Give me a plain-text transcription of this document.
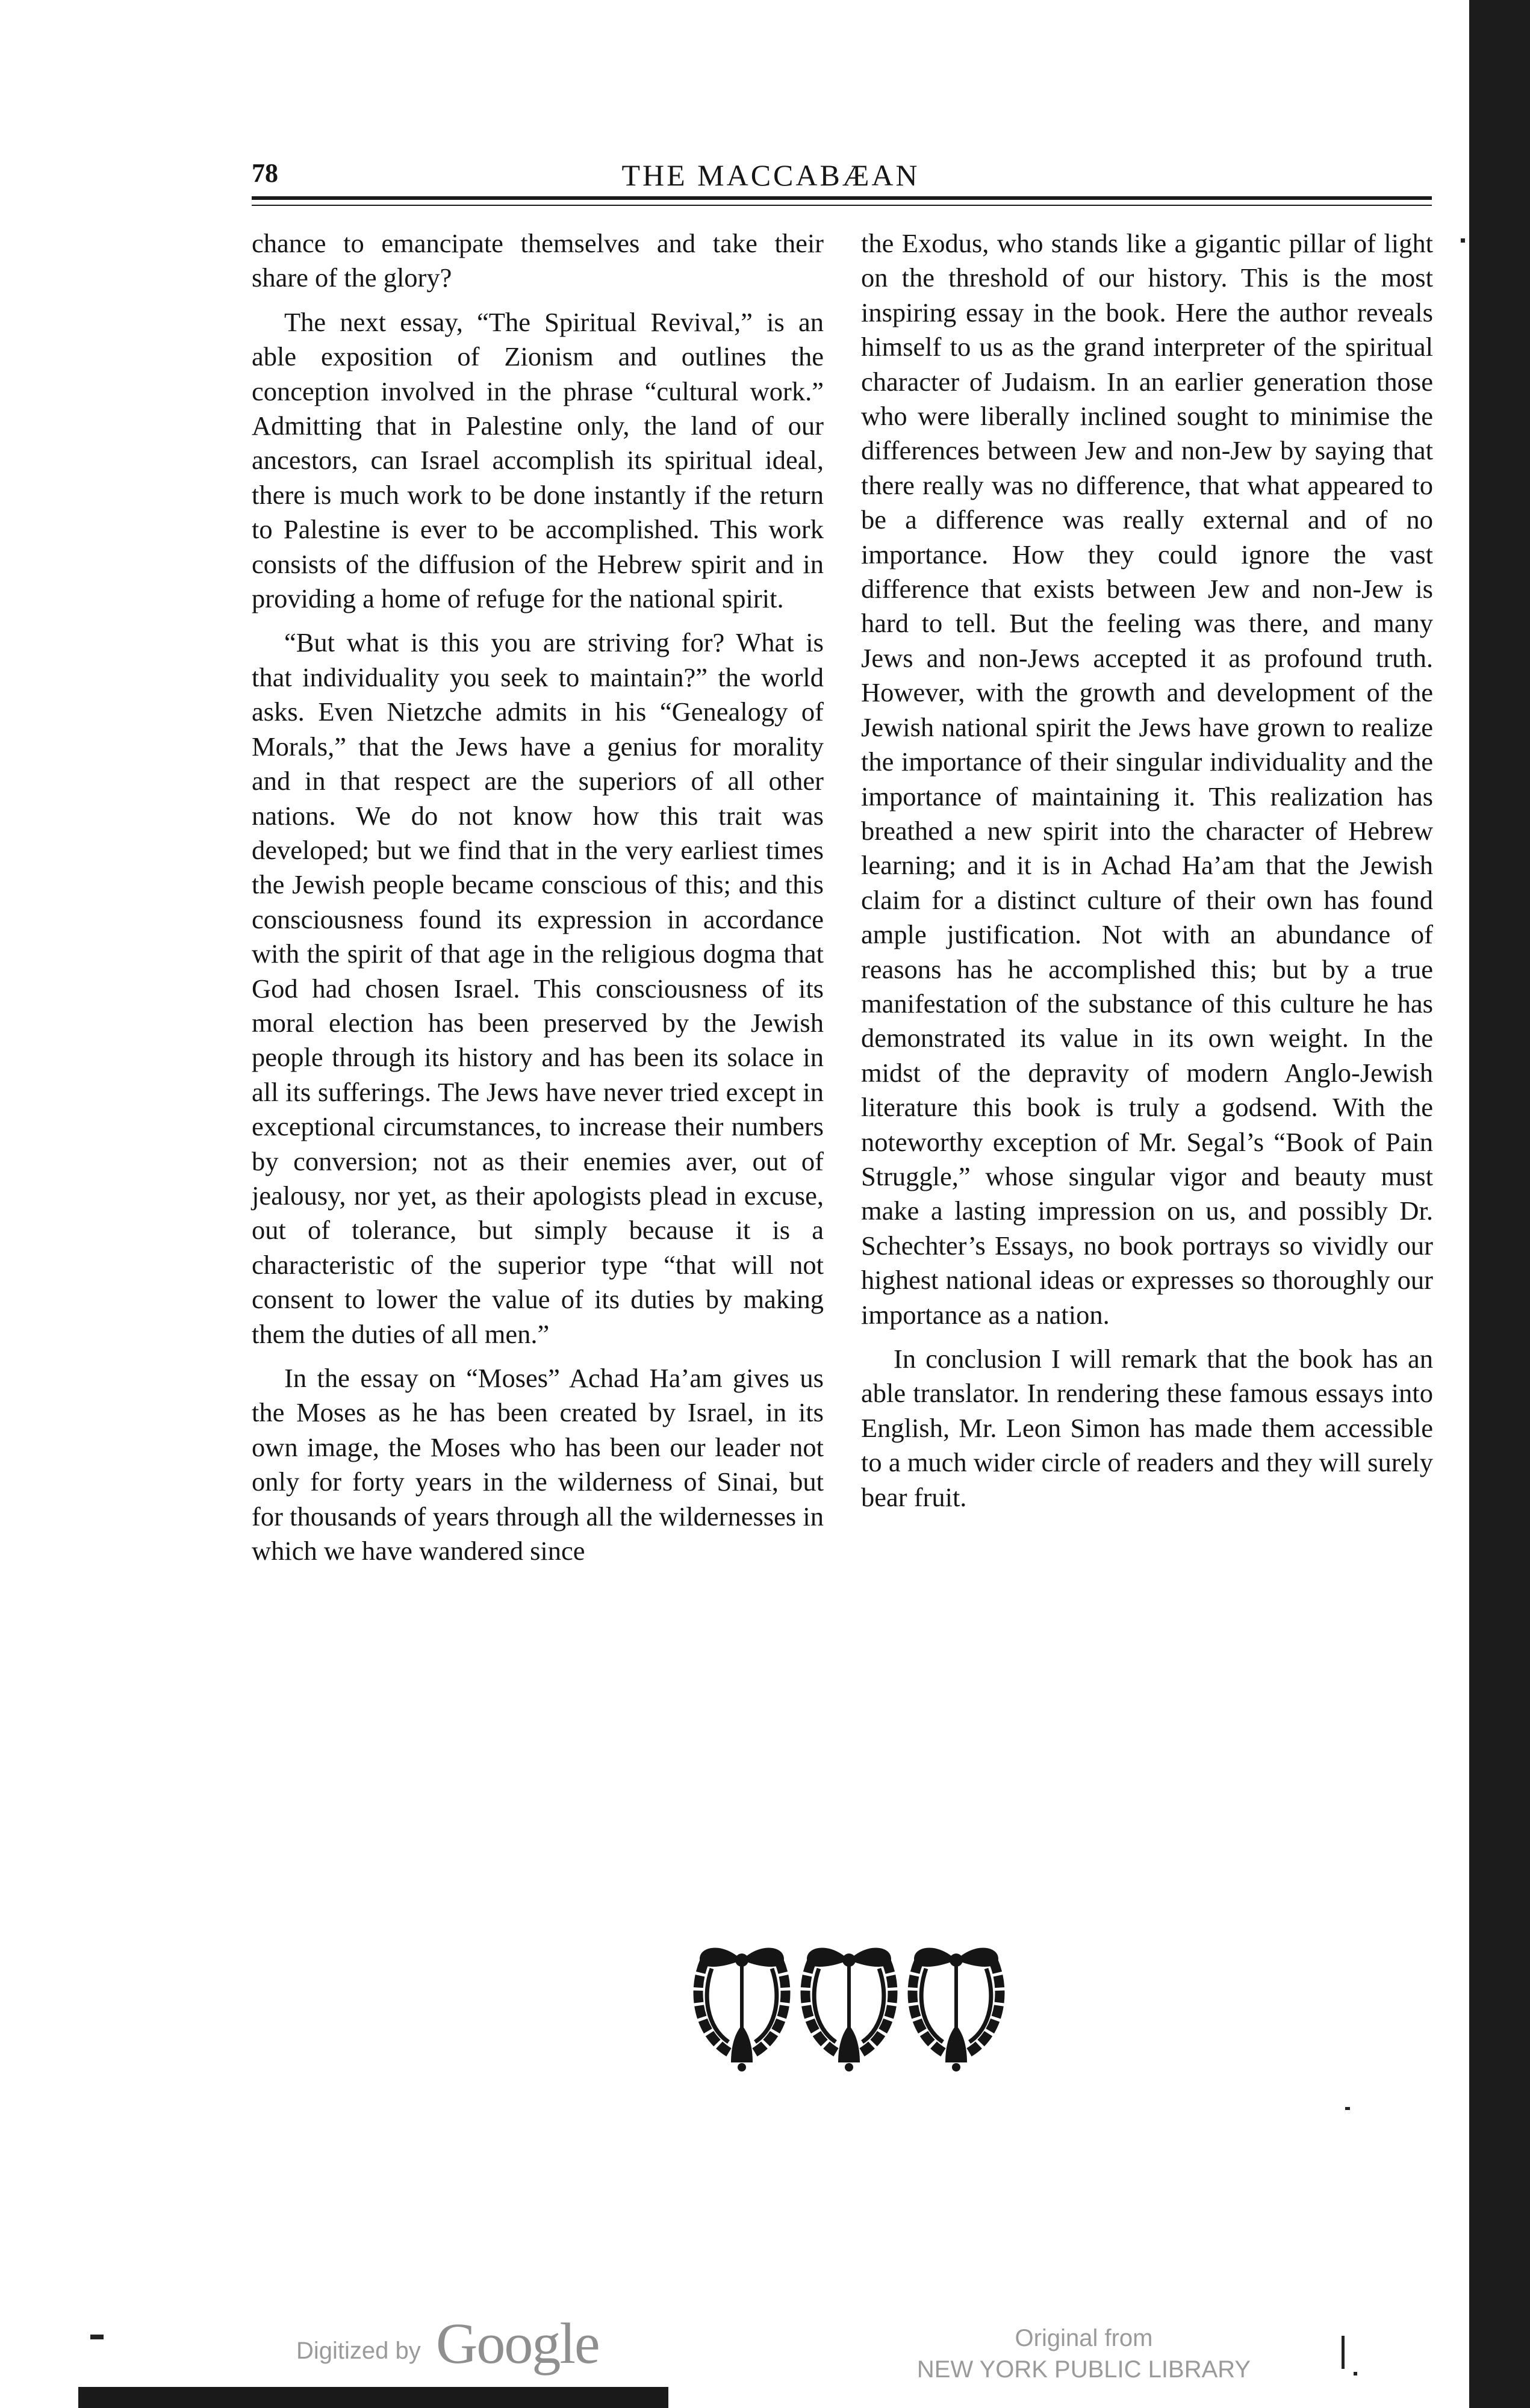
78	THE MACCABÆAN

chance to emancipate themselves and take their share of the glory?

The next essay, “The Spiritual Revival,” is an able exposition of Zionism and outlines the conception involved in the phrase “cultural work.” Admitting that in Palestine only, the land of our ancestors, can Israel accomplish its spiritual ideal, there is much work to be done instantly if the return to Palestine is ever to be accomplished. This work consists of the diffusion of the Hebrew spirit and in providing a home of refuge for the national spirit.

“But what is this you are striving for? What is that individuality you seek to maintain?” the world asks. Even Nietzche admits in his “Genealogy of Morals,” that the Jews have a genius for morality and in that respect are the superiors of all other nations. We do not know how this trait was developed; but we find that in the very earliest times the Jewish people became conscious of this; and this consciousness found its expression in accordance with the spirit of that age in the religious dogma that God had chosen Israel. This consciousness of its moral election has been preserved by the Jewish people through its history and has been its solace in all its sufferings. The Jews have never tried except in exceptional circumstances, to increase their numbers by conversion; not as their enemies aver, out of jealousy, nor yet, as their apologists plead in excuse, out of tolerance, but simply because it is a characteristic of the superior type “that will not consent to lower the value of its duties by making them the duties of all men.”

In the essay on “Moses” Achad Ha’am gives us the Moses as he has been created by Israel, in its own image, the Moses who has been our leader not only for forty years in the wilderness of Sinai, but for thousands of years through all the wildernesses in which we have wandered since

the Exodus, who stands like a gigantic pillar of light on the threshold of our history. This is the most inspiring essay in the book. Here the author reveals himself to us as the grand interpreter of the spiritual character of Judaism. In an earlier generation those who were liberally inclined sought to minimise the differences between Jew and non-Jew by saying that there really was no difference, that what appeared to be a difference was really external and of no importance. How they could ignore the vast difference that exists between Jew and non-Jew is hard to tell. But the feeling was there, and many Jews and non-Jews accepted it as profound truth. However, with the growth and development of the Jewish national spirit the Jews have grown to realize the importance of their singular individuality and the importance of maintaining it. This realization has breathed a new spirit into the character of Hebrew learning; and it is in Achad Ha’am that the Jewish claim for a distinct culture of their own has found ample justification. Not with an abundance of reasons has he accomplished this; but by a true manifestation of the substance of this culture he has demonstrated its value in its own weight. In the midst of the depravity of modern Anglo-Jewish literature this book is truly a godsend. With the noteworthy exception of Mr. Segal’s “Book of Pain Struggle,” whose singular vigor and beauty must make a lasting impression on us, and possibly Dr. Schechter’s Essays, no book portrays so vividly our highest national ideas or expresses so thoroughly our importance as a nation.

In conclusion I will remark that the book has an able translator. In rendering these famous essays into English, Mr. Leon Simon has made them accessible to a much wider circle of readers and they will surely bear fruit.

Digitized by Google	Original from
NEW YORK PUBLIC LIBRARY
